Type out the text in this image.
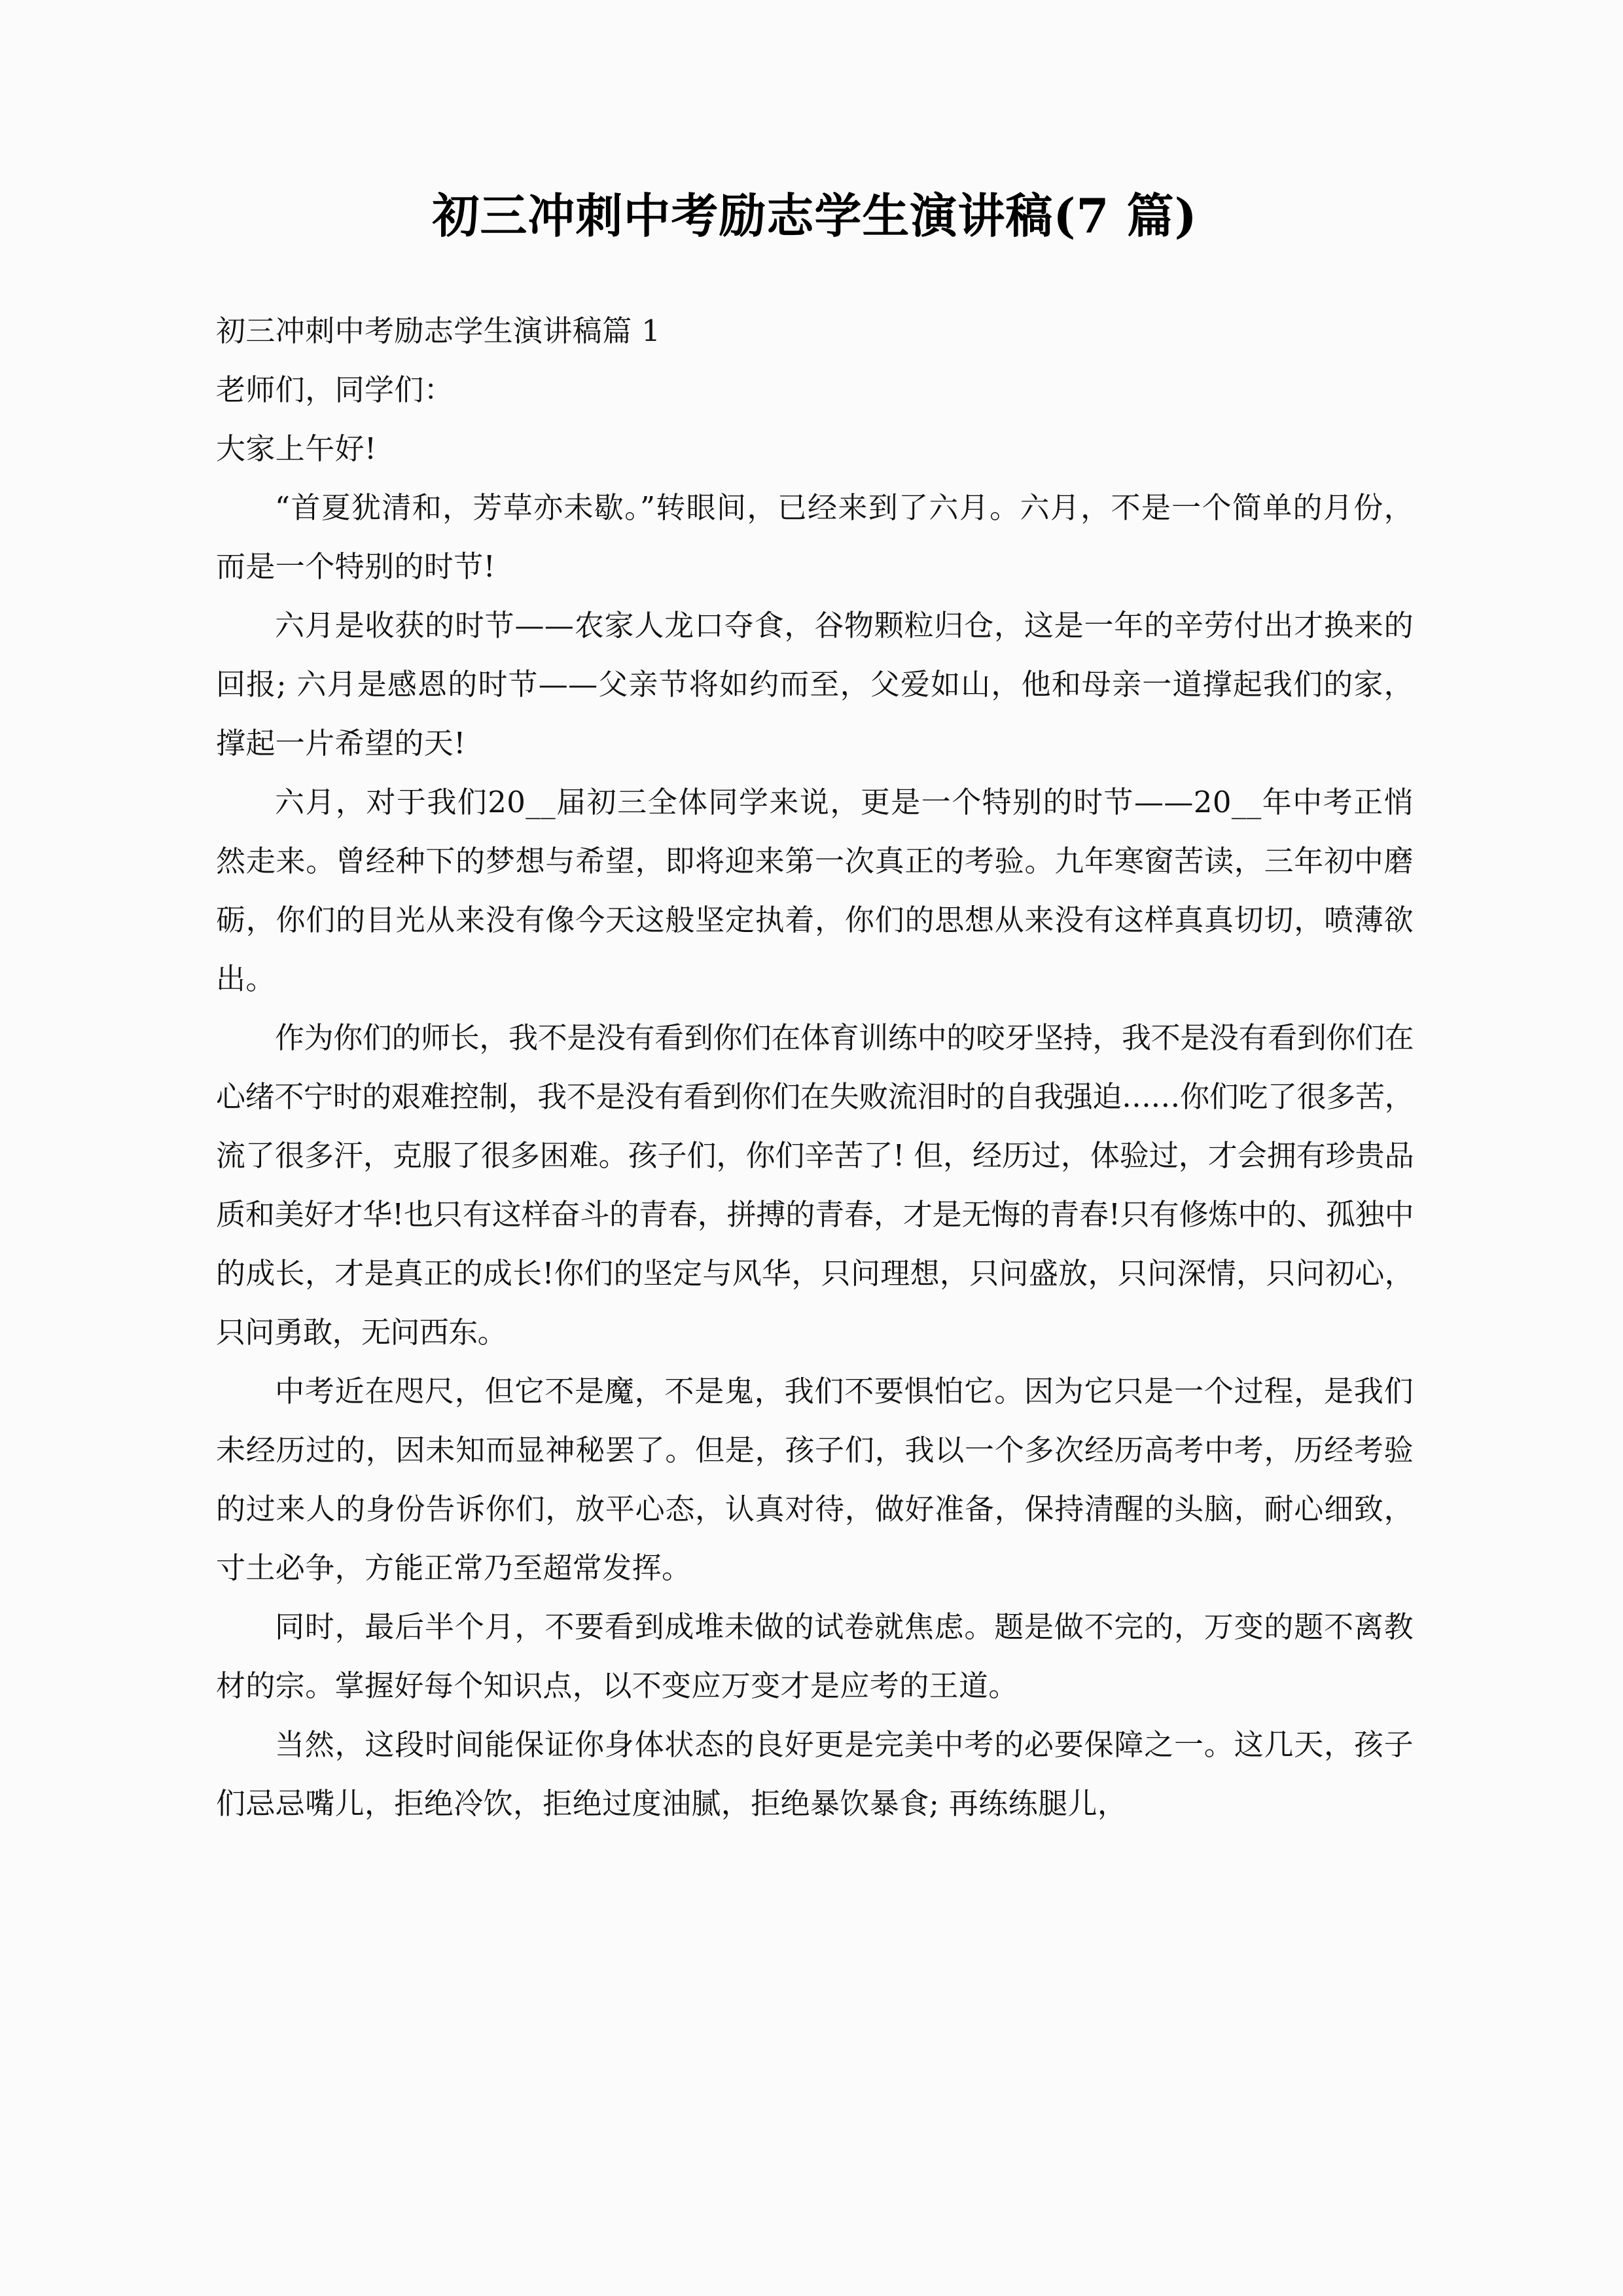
初三冲刺中考励志学生演讲稿(7 篇)

初三冲刺中考励志学生演讲稿篇 1

老师们，同学们：

大家上午好!

“首夏犹清和，芳草亦未歇。”转眼间，已经来到了六月。六月，不是一个简单的月份，而是一个特别的时节!

六月是收获的时节——农家人龙口夺食，谷物颗粒归仓，这是一年的辛劳付出才换来的回报; 六月是感恩的时节——父亲节将如约而至，父爱如山，他和母亲一道撑起我们的家，撑起一片希望的天!

六月，对于我们20__届初三全体同学来说，更是一个特别的时节——20__年中考正悄然走来。曾经种下的梦想与希望，即将迎来第一次真正的考验。九年寒窗苦读，三年初中磨砺，你们的目光从来没有像今天这般坚定执着，你们的思想从来没有这样真真切切，喷薄欲出。

作为你们的师长，我不是没有看到你们在体育训练中的咬牙坚持，我不是没有看到你们在心绪不宁时的艰难控制，我不是没有看到你们在失败流泪时的自我强迫……你们吃了很多苦，流了很多汗，克服了很多困难。孩子们，你们辛苦了! 但，经历过，体验过，才会拥有珍贵品质和美好才华!也只有这样奋斗的青春，拼搏的青春，才是无悔的青春!只有修炼中的、孤独中的成长，才是真正的成长!你们的坚定与风华，只问理想，只问盛放，只问深情，只问初心，只问勇敢，无问西东。

中考近在咫尺，但它不是魔，不是鬼，我们不要惧怕它。因为它只是一个过程，是我们未经历过的，因未知而显神秘罢了。但是，孩子们，我以一个多次经历高考中考，历经考验的过来人的身份告诉你们，放平心态，认真对待，做好准备，保持清醒的头脑，耐心细致，寸土必争，方能正常乃至超常发挥。

同时，最后半个月，不要看到成堆未做的试卷就焦虑。题是做不完的，万变的题不离教材的宗。掌握好每个知识点，以不变应万变才是应考的王道。

当然，这段时间能保证你身体状态的良好更是完美中考的必要保障之一。这几天，孩子们忌忌嘴儿，拒绝冷饮，拒绝过度油腻，拒绝暴饮暴食; 再练练腿儿，
